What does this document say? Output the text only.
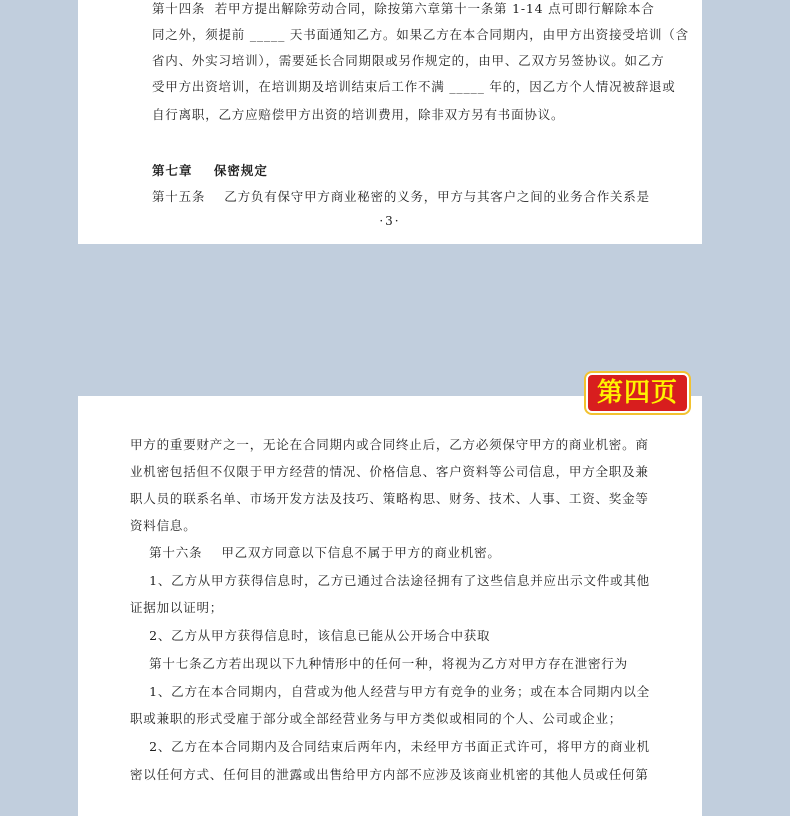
第十四条  若甲方提出解除劳动合同，除按第六章第十一条第 1-14 点可即行解除本合
同之外，须提前 _____ 天书面通知乙方。如果乙方在本合同期内，由甲方出资接受培训（含
省内、外实习培训），需要延长合同期限或另作规定的，由甲、乙双方另签协议。如乙方
受甲方出资培训，在培训期及培训结束后工作不满 _____ 年的，因乙方个人情况被辞退或
自行离职，乙方应赔偿甲方出资的培训费用，除非双方另有书面协议。
第七章    保密规定
第十五条    乙方负有保守甲方商业秘密的义务，甲方与其客户之间的业务合作关系是
·3·
甲方的重要财产之一，无论在合同期内或合同终止后，乙方必须保守甲方的商业机密。商
业机密包括但不仅限于甲方经营的情况、价格信息、客户资料等公司信息，甲方全职及兼
职人员的联系名单、市场开发方法及技巧、策略构思、财务、技术、人事、工资、奖金等
资料信息。
第十六条    甲乙双方同意以下信息不属于甲方的商业机密。
1、乙方从甲方获得信息时，乙方已通过合法途径拥有了这些信息并应出示文件或其他
证据加以证明；
2、乙方从甲方获得信息时，该信息已能从公开场合中获取
第十七条乙方若出现以下九种情形中的任何一种，将视为乙方对甲方存在泄密行为
1、乙方在本合同期内，自营或为他人经营与甲方有竞争的业务；或在本合同期内以全
职或兼职的形式受雇于部分或全部经营业务与甲方类似或相同的个人、公司或企业；
2、乙方在本合同期内及合同结束后两年内，未经甲方书面正式许可，将甲方的商业机
密以任何方式、任何目的泄露或出售给甲方内部不应涉及该商业机密的其他人员或任何第
第四页
